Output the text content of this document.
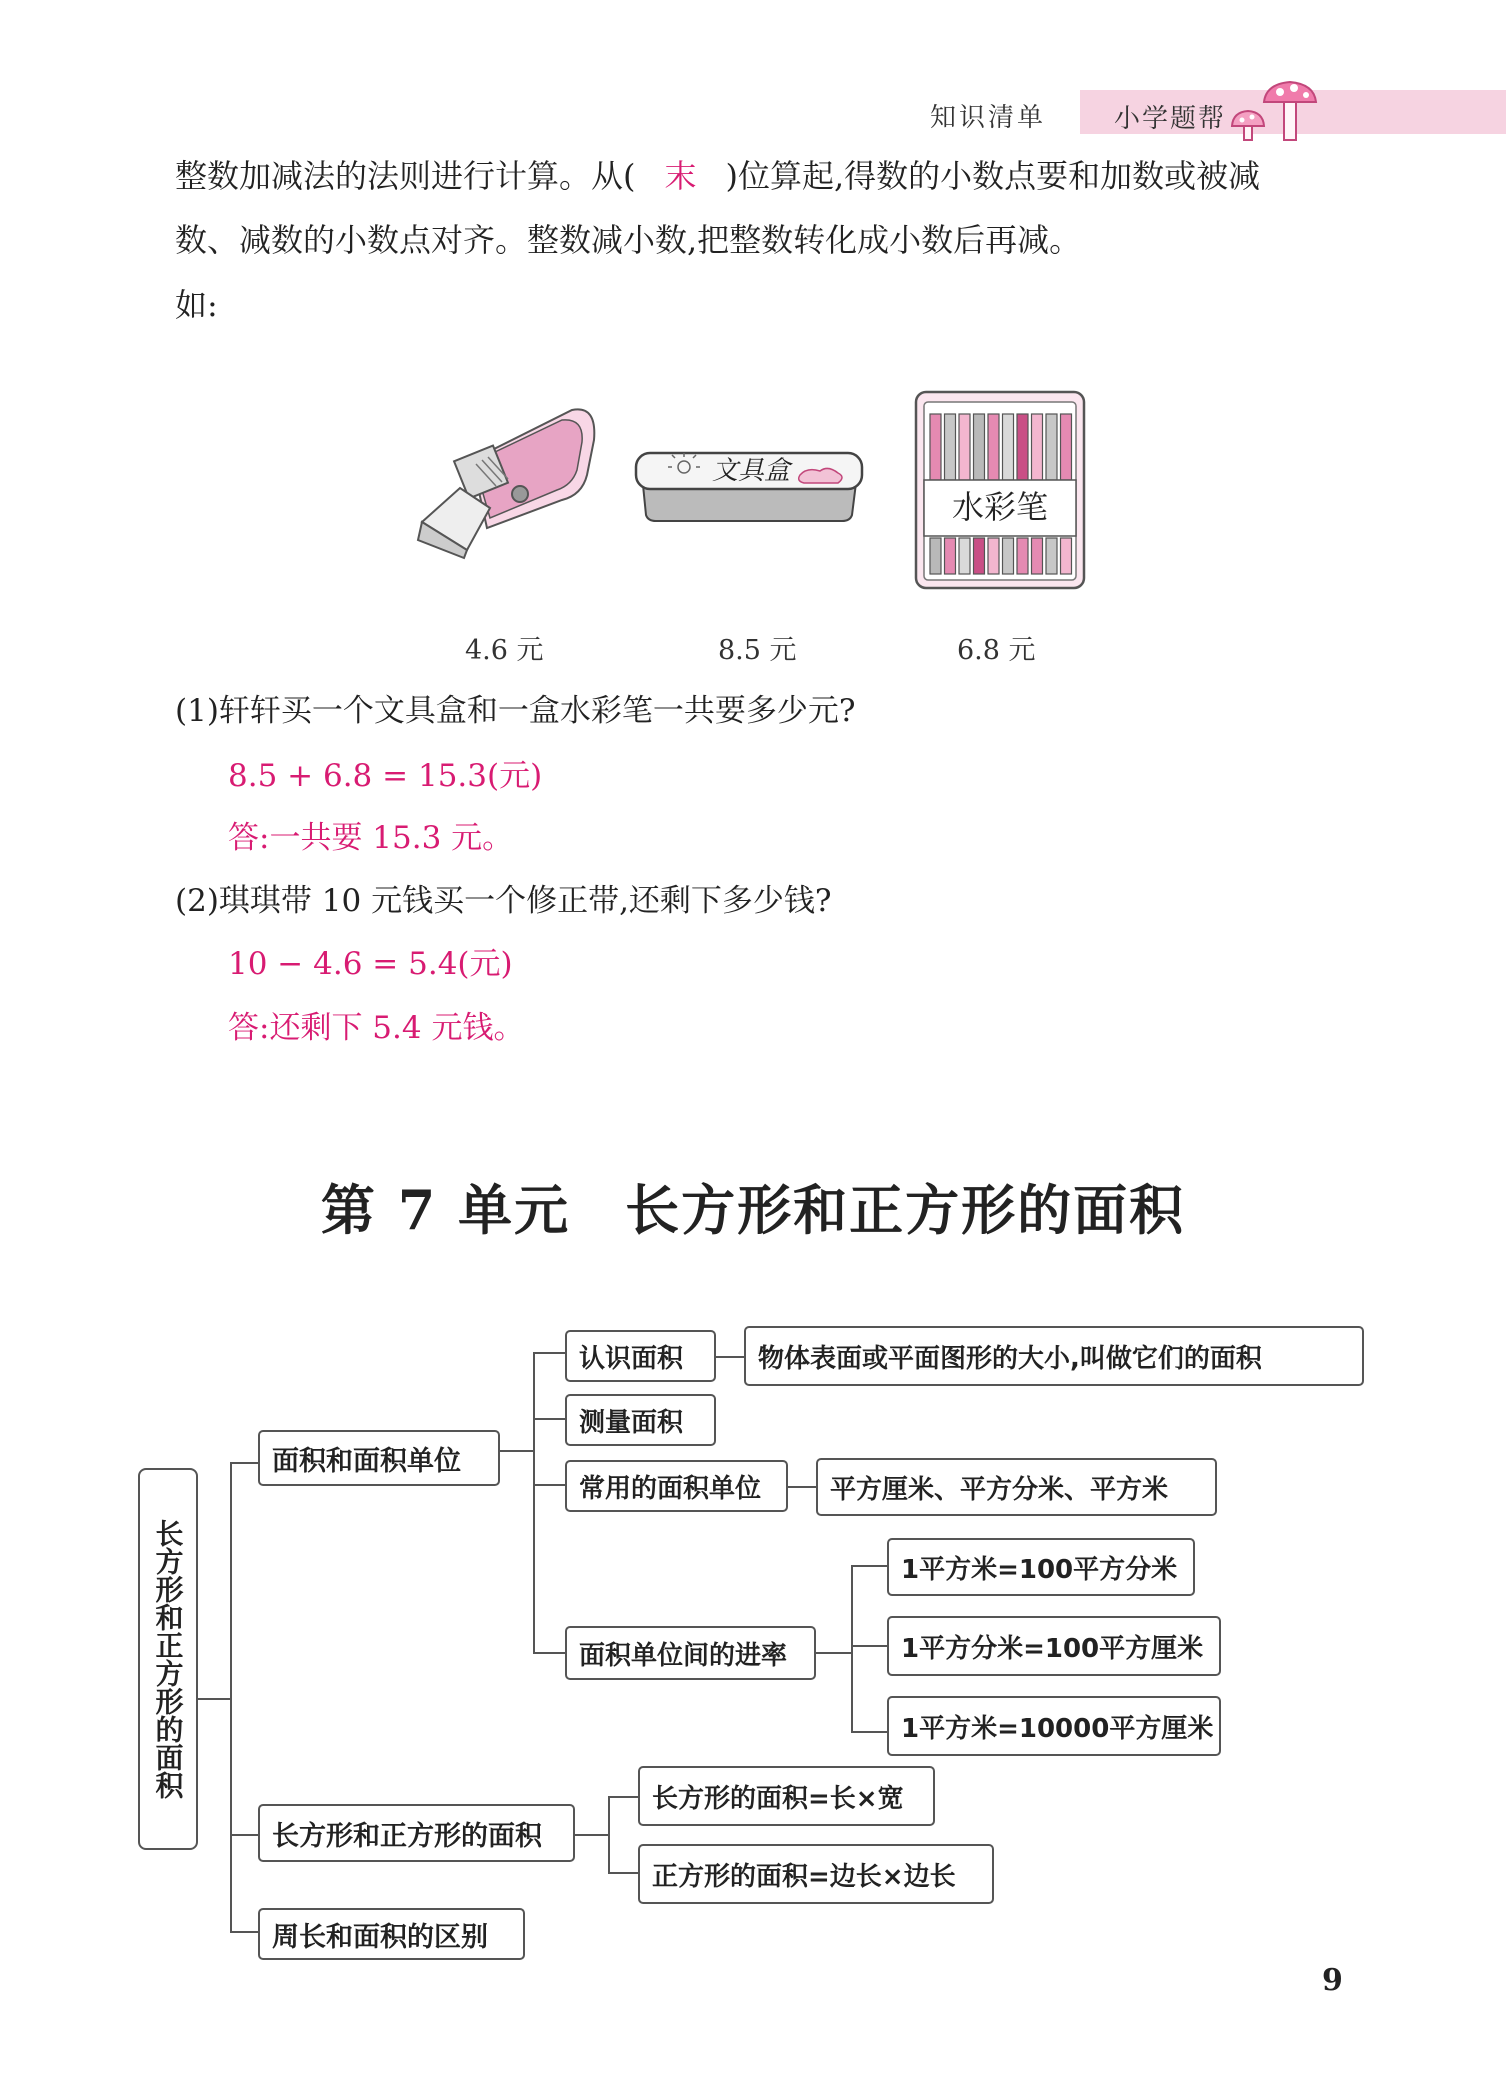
知识清单	小学题帮
整数加减法的法则进行计算。从( 末 )位算起,得数的小数点要和加数或被减
数、减数的小数点对齐。整数减小数,把整数转化成小数后再减。
如:
文具盒
水彩笔
4.6 元	8.5 元	6.8 元
(1)轩轩买一个文具盒和一盒水彩笔一共要多少元?
8.5 + 6.8 = 15.3(元)
答:一共要 15.3 元。
(2)琪琪带 10 元钱买一个修正带,还剩下多少钱?
10 − 4.6 = 5.4(元)
答:还剩下 5.4 元钱。
第 7 单元 长方形和正方形的面积
长方形和正方形的面积
面积和面积单位
长方形和正方形的面积
周长和面积的区别
认识面积	物体表面或平面图形的大小,叫做它们的面积
测量面积
常用的面积单位	平方厘米、平方分米、平方米
面积单位间的进率
1平方米=100平方分米
1平方分米=100平方厘米
1平方米=10000平方厘米
长方形的面积=长×宽
正方形的面积=边长×边长
9
